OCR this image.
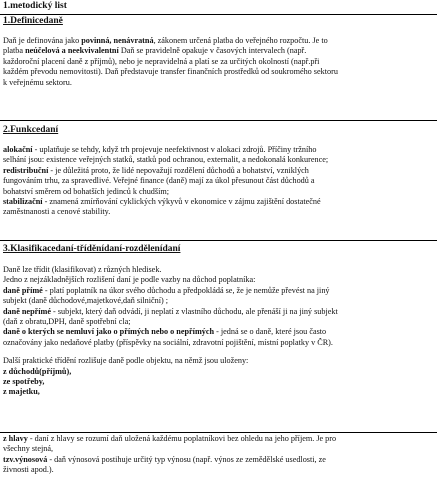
1.metodický list
1.Definicedaně
Daň je definována jako povinná, nenávratná, zákonem určená platba do veřejného rozpočtu. Je to
platba neúčelová a neekvivalentní Daň se pravidelně opakuje v časových intervalech (např.
každoroční placení daně z příjmů), nebo je nepravidelná a platí se za určitých okolností (např.při
každém převodu nemovitosti). Daň představuje transfer finančních prostředků od soukromého sektoru
k veřejnému sektoru.
2.Funkcedaní
alokační - uplatňuje se tehdy, když trh projevuje neefektivnost v alokaci zdrojů. Příčiny tržního
selhání jsou: existence veřejných statků, statků pod ochranou, externalit, a nedokonalá konkurence;
redistribuční - je důležitá proto, že lidé nepovažují rozdělení důchodů a bohatství, vzniklých
fungováním trhu, za spravedlivé. Veřejné finance (daně) mají za úkol přesunout část důchodů a
bohatství směrem od bohatších jedinců k chudším;
stabilizační - znamená zmírňování cyklických výkyvů v ekonomice v zájmu zajištění dostatečné
zaměstnanosti a cenové stability.
3.Klasifikacedaní-tříděnídaní-rozdělenídaní
Daně lze třídit (klasifikovat) z různých hledisek.
Jedno z nejzákladnějších rozlišení daní je podle vazby na důchod poplatníka:
daně přímé - platí poplatník na úkor svého důchodu a předpokládá se, že je nemůže převést na jiný
subjekt (daně důchodové,majetkové,daň silniční) ;
daně nepřímé - subjekt, který daň odvádí, ji neplatí z vlastního důchodu, ale přenáší ji na jiný subjekt
(daň z obratu,DPH, daně spotřební cla;
daně o kterých se nemluví jako o přímých nebo o nepřímých - jedná se o daně, které jsou často
označovány jako nedaňové platby (příspěvky na sociální, zdravotní pojištění, místní poplatky v ČR).
Další praktické třídění rozlišuje daně podle objektu, na němž jsou uloženy:
z důchodů(příjmů),
ze spotřeby,
z majetku,
z hlavy - daní z hlavy se rozumí daň uložená každému poplatníkovi bez ohledu na jeho příjem. Je pro
všechny stejná,
tzv.výnosová - daň výnosová postihuje určitý typ výnosu (např. výnos ze zemědělské usedlosti, ze
živnosti apod.).
